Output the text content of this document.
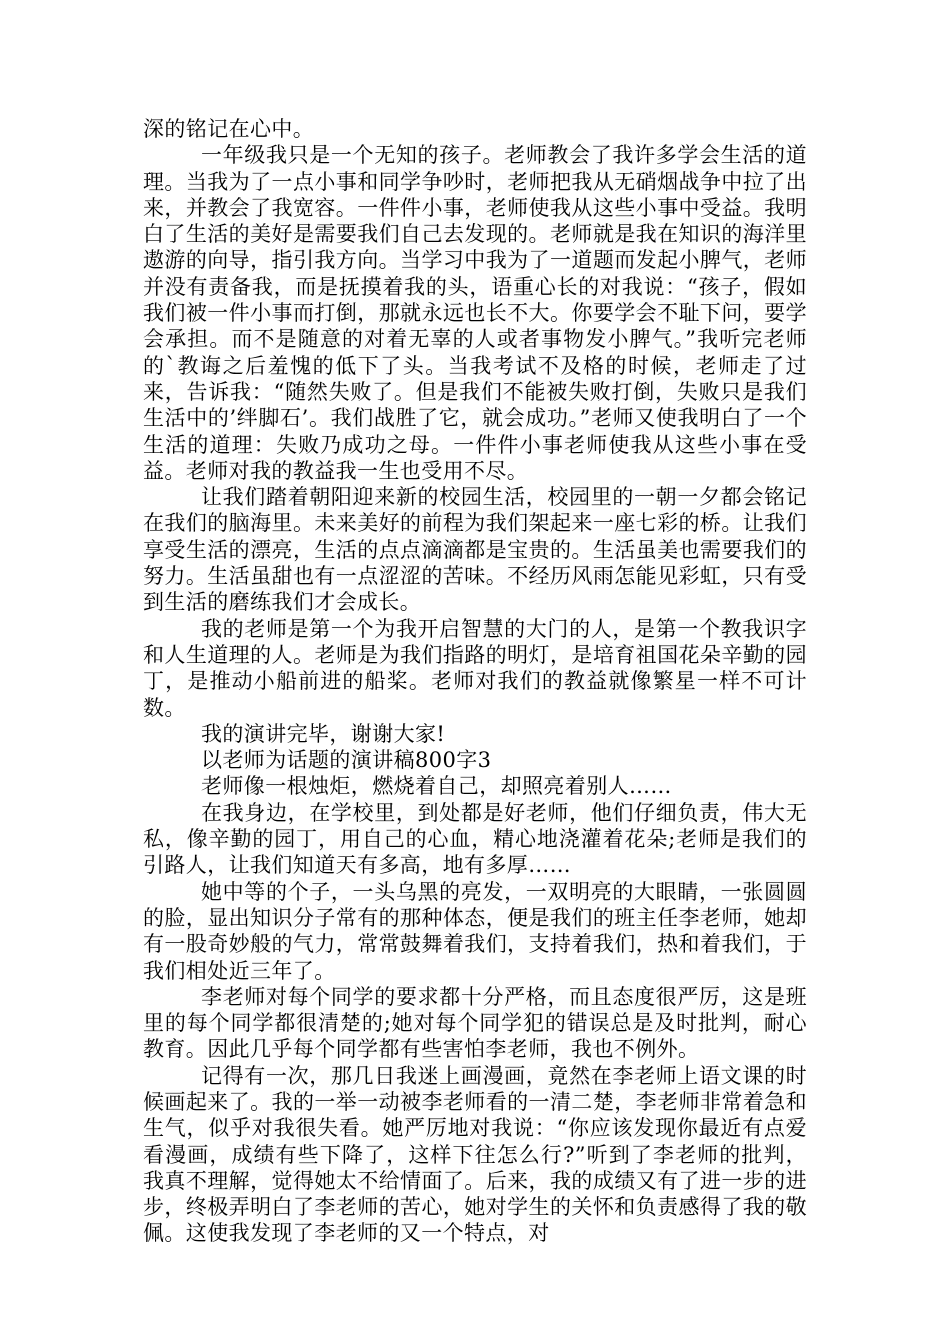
深的铭记在心中。

一年级我只是一个无知的孩子。老师教会了我许多学会生活的道理。当我为了一点小事和同学争吵时，老师把我从无硝烟战争中拉了出来，并教会了我宽容。一件件小事，老师使我从这些小事中受益。我明白了生活的美好是需要我们自己去发现的。老师就是我在知识的海洋里遨游的向导，指引我方向。当学习中我为了一道题而发起小脾气，老师并没有责备我，而是抚摸着我的头，语重心长的对我说：“孩子，假如我们被一件小事而打倒，那就永远也长不大。你要学会不耻下问，要学会承担。而不是随意的对着无辜的人或者事物发小脾气。”我听完老师的`教诲之后羞愧的低下了头。当我考试不及格的时候，老师走了过来，告诉我：“随然失败了。但是我们不能被失败打倒，失败只是我们生活中的’绊脚石’。我们战胜了它，就会成功。”老师又使我明白了一个生活的道理：失败乃成功之母。一件件小事老师使我从这些小事在受益。老师对我的教益我一生也受用不尽。

让我们踏着朝阳迎来新的校园生活，校园里的一朝一夕都会铭记在我们的脑海里。未来美好的前程为我们架起来一座七彩的桥。让我们享受生活的漂亮，生活的点点滴滴都是宝贵的。生活虽美也需要我们的努力。生活虽甜也有一点涩涩的苦味。不经历风雨怎能见彩虹，只有受到生活的磨练我们才会成长。

我的老师是第一个为我开启智慧的大门的人，是第一个教我识字和人生道理的人。老师是为我们指路的明灯，是培育祖国花朵辛勤的园丁，是推动小船前进的船桨。老师对我们的教益就像繁星一样不可计数。

我的演讲完毕，谢谢大家!

以老师为话题的演讲稿800字3

老师像一根烛炬，燃烧着自己，却照亮着别人……

在我身边，在学校里，到处都是好老师，他们仔细负责，伟大无私，像辛勤的园丁，用自己的心血，精心地浇灌着花朵;老师是我们的引路人，让我们知道天有多高，地有多厚……

她中等的个子，一头乌黑的亮发，一双明亮的大眼睛，一张圆圆的脸，显出知识分子常有的那种体态，便是我们的班主任李老师，她却有一股奇妙般的气力，常常鼓舞着我们，支持着我们，热和着我们，于我们相处近三年了。

李老师对每个同学的要求都十分严格，而且态度很严厉，这是班里的每个同学都很清楚的;她对每个同学犯的错误总是及时批判，耐心教育。因此几乎每个同学都有些害怕李老师，我也不例外。

记得有一次，那几日我迷上画漫画，竟然在李老师上语文课的时候画起来了。我的一举一动被李老师看的一清二楚，李老师非常着急和生气，似乎对我很失看。她严厉地对我说：“你应该发现你最近有点爱看漫画，成绩有些下降了，这样下往怎么行?”听到了李老师的批判，我真不理解，觉得她太不给情面了。后来，我的成绩又有了进一步的进步，终极弄明白了李老师的苦心，她对学生的关怀和负责感得了我的敬佩。这使我发现了李老师的又一个特点，对
